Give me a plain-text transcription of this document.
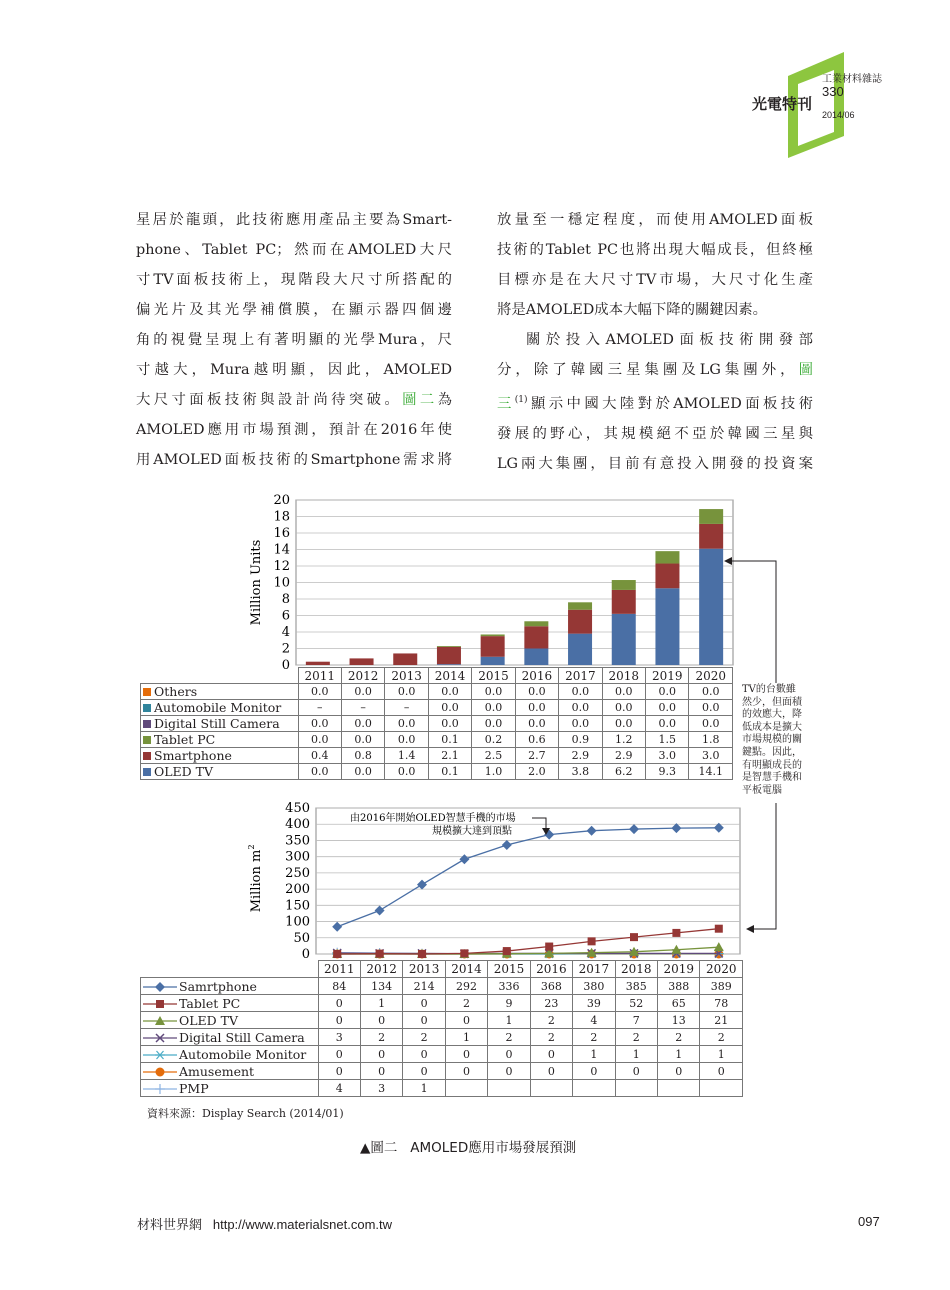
工業材料雜誌
330
2014/06
光電特刊
星居於龍頭，此技術應用產品主要為Smart-
phone、Tablet PC；然而在AMOLED大尺
寸TV面板技術上，現階段大尺寸所搭配的
偏光片及其光學補償膜，在顯示器四個邊
角的視覺呈現上有著明顯的光學Mura，尺
寸越大，Mura越明顯，因此，AMOLED
大尺寸面板技術與設計尚待突破。圖二為
AMOLED應用市場預測，預計在2016年使
用AMOLED面板技術的Smartphone需求將
放量至一穩定程度，而使用AMOLED面板
技術的Tablet PC也將出現大幅成長，但終極
目標亦是在大尺寸TV市場，大尺寸化生產
將是AMOLED成本大幅下降的關鍵因素。
關於投入AMOLED面板技術開發部
分，除了韓國三星集團及LG集團外，圖
三$^{(1)}$顯示中國大陸對於AMOLED面板技術
發展的野心，其規模絕不亞於韓國三星與
LG兩大集團，目前有意投入開發的投資案
0
2
4
6
8
10
12
14
16
18
20
Million Units
	2011	2012	2013	2014	2015	2016	2017	2018	2019	2020
Others	0.0	0.0	0.0	0.0	0.0	0.0	0.0	0.0	0.0	0.0
Automobile Monitor	–	–	–	0.0	0.0	0.0	0.0	0.0	0.0	0.0
Digital Still Camera	0.0	0.0	0.0	0.0	0.0	0.0	0.0	0.0	0.0	0.0
Tablet PC	0.0	0.0	0.0	0.1	0.2	0.6	0.9	1.2	1.5	1.8
Smartphone	0.4	0.8	1.4	2.1	2.5	2.7	2.9	2.9	3.0	3.0
OLED TV	0.0	0.0	0.0	0.1	1.0	2.0	3.8	6.2	9.3	14.1
TV的台數雖
然少，但面積
的效應大，降
低成本是擴大
市場規模的關
鍵點。因此，
有明顯成長的
是智慧手機和
平板電腦
0
50
100
150
200
250
300
350
400
450
Million m
2
由2016年開始OLED智慧手機的市場
規模擴大達到頂點
	2011	2012	2013	2014	2015	2016	2017	2018	2019	2020
Samrtphone	84	134	214	292	336	368	380	385	388	389
Tablet PC	0	1	0	2	9	23	39	52	65	78
OLED TV	0	0	0	0	1	2	4	7	13	21
Digital Still Camera	3	2	2	1	2	2	2	2	2	2
Automobile Monitor	0	0	0	0	0	0	1	1	1	1
Amusement	0	0	0	0	0	0	0	0	0	0
PMP	4	3	1							
資料來源：Display Search (2014/01)
▲圖二 AMOLED應用市場發展預測
材料世界網 http://www.materialsnet.com.tw	097
